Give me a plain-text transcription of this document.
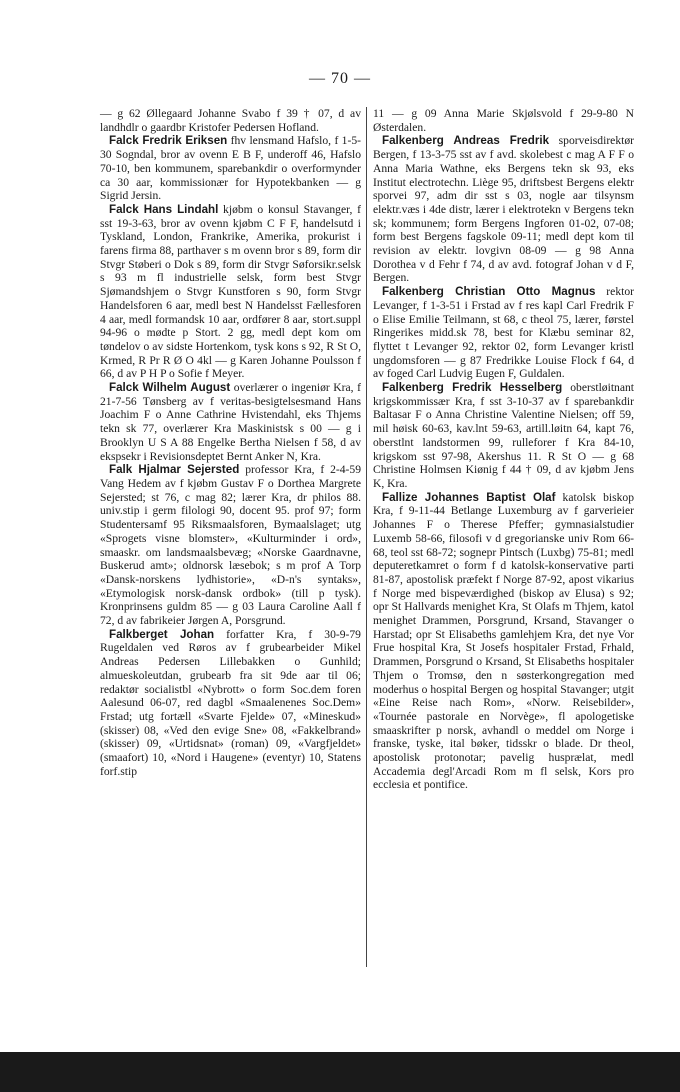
— 70 —

— g 62 Øllegaard Johanne Svabo f 39 † 07, d av landhdlr o gaardbr Kristofer Pedersen Hofland.

Falck Fredrik Eriksen fhv lensmand Hafslo, f 1-5-30 Sogndal, bror av ovenn E B F, underoff 46, Hafslo 70-10, ben kommunem, sparebankdir o overformynder ca 30 aar, kommissionær for Hypotekbanken — g Sigrid Jersin.

Falck Hans Lindahl kjøbm o konsul Stavanger, f sst 19-3-63, bror av ovenn kjøbm C F F, handelsutd i Tyskland, London, Frankrike, Amerika, prokurist i farens firma 88, parthaver s m ovenn bror s 89, form dir Stvgr Støberi o Dok s 89, form dir Stvgr Søforsikr.selsk s 93 m fl industrielle selsk, form best Stvgr Sjømandshjem o Stvgr Kunstforen s 90, form Stvgr Handelsforen 6 aar, medl best N Handelsst Fællesforen 4 aar, medl formandsk 10 aar, ordfører 8 aar, stort.suppl 94-96 o mødte p Stort. 2 gg, medl dept kom om tøndelov o av sidste Hortenkom, tysk kons s 92, R St O, Krmed, R Pr R Ø O 4kl — g Karen Johanne Poulsson f 66, d av P H P o Sofie f Meyer.

Falck Wilhelm August overlærer o ingeniør Kra, f 21-7-56 Tønsberg av f veritas-besigtelsesmand Hans Joachim F o Anne Cathrine Hvistendahl, eks Thjems tekn sk 77, overlærer Kra Maskinistsk s 00 — g i Brooklyn U S A 88 Engelke Bertha Nielsen f 58, d av ekspsekr i Revisionsdeptet Bernt Anker N, Kra.

Falk Hjalmar Sejersted professor Kra, f 2-4-59 Vang Hedem av f kjøbm Gustav F o Dorthea Margrete Sejersted; st 76, c mag 82; lærer Kra, dr philos 88. univ.stip i germ filologi 90, docent 95. prof 97; form Studentersamf 95 Riksmaalsforen, Bymaalslaget; utg «Sprogets visne blomster», «Kulturminder i ord», smaaskr. om landsmaalsbevæg; «Norske Gaardnavne, Buskerud amt»; oldnorsk læsebok; s m prof A Torp «Dansk-norskens lydhistorie», «D-n's syntaks», «Etymologisk norsk-dansk ordbok» (till p tysk). Kronprinsens guldm 85 — g 03 Laura Caroline Aall f 72, d av fabrikeier Jørgen A, Porsgrund.

Falkberget Johan forfatter Kra, f 30-9-79 Rugeldalen ved Røros av f grubearbeider Mikel Andreas Pedersen Lillebakken o Gunhild; almueskoleutdan, grubearb fra sit 9de aar til 06; redaktør socialistbl «Nybrott» o form Soc.dem foren Aalesund 06-07, red dagbl «Smaalenenes Soc.Dem» Frstad; utg fortæll «Svarte Fjelde» 07, «Mineskud» (skisser) 08, «Ved den evige Sne» 08, «Fakkelbrand» (skisser) 09, «Urtidsnat» (roman) 09, «Vargfjeldet» (smaafort) 10, «Nord i Haugene» (eventyr) 10, Statens forf.stip

11 — g 09 Anna Marie Skjølsvold f 29-9-80 N Østerdalen.

Falkenberg Andreas Fredrik sporveisdirektør Bergen, f 13-3-75 sst av f avd. skolebest c mag A F F o Anna Maria Wathne, eks Bergens tekn sk 93, eks Institut electrotechn. Liège 95, driftsbest Bergens elektr sporvei 97, adm dir sst s 03, nogle aar tilsynsm elektr.væs i 4de distr, lærer i elektrotekn v Bergens tekn sk; kommunem; form Bergens Ingforen 01-02, 07-08; form best Bergens fagskole 09-11; medl dept kom til revision av elektr. lovgivn 08-09 — g 98 Anna Dorothea v d Fehr f 74, d av avd. fotograf Johan v d F, Bergen.

Falkenberg Christian Otto Magnus rektor Levanger, f 1-3-51 i Frstad av f res kapl Carl Fredrik F o Elise Emilie Teilmann, st 68, c theol 75, lærer, førstel Ringerikes midd.sk 78, best for Klæbu seminar 82, flyttet t Levanger 92, rektor 02, form Levanger kristl ungdomsforen — g 87 Fredrikke Louise Flock f 64, d av foged Carl Ludvig Eugen F, Guldalen.

Falkenberg Fredrik Hesselberg oberstløitnant krigskommissær Kra, f sst 3-10-37 av f sparebankdir Baltasar F o Anna Christine Valentine Nielsen; off 59, mil høisk 60-63, kav.lnt 59-63, artill.løitn 64, kapt 76, oberstlnt landstormen 99, rulleforer f Kra 84-10, krigskom sst 97-98, Akershus 11. R St O — g 68 Christine Holmsen Kiønig f 44 † 09, d av kjøbm Jens K, Kra.

Fallize Johannes Baptist Olaf katolsk biskop Kra, f 9-11-44 Betlange Luxemburg av f garverieier Johannes F o Therese Pfeffer; gymnasialstudier Luxemb 58-66, filosofi v d gregorianske univ Rom 66-68, teol sst 68-72; sognepr Pintsch (Luxbg) 75-81; medl deputeretkamret o form f d katolsk-konservative parti 81-87, apostolisk præfekt f Norge 87-92, apost vikarius f Norge med bispeværdighed (biskop av Elusa) s 92; opr St Hallvards menighet Kra, St Olafs m Thjem, katol menighet Drammen, Porsgrund, Krsand, Stavanger o Harstad; opr St Elisabeths gamlehjem Kra, det nye Vor Frue hospital Kra, St Josefs hospitaler Frstad, Frhald, Drammen, Porsgrund o Krsand, St Elisabeths hospitaler Thjem o Tromsø, den n søsterkongregation med moderhus o hospital Bergen og hospital Stavanger; utgit «Eine Reise nach Rom», «Norw. Reisebilder», «Tournée pastorale en Norvège», fl apologetiske smaaskrifter p norsk, avhandl o meddel om Norge i franske, tyske, ital bøker, tidsskr o blade. Dr theol, apostolisk protonotar; pavelig husprælat, medl Accademia degl'Arcadi Rom m fl selsk, Kors pro ecclesia et pontifice.
